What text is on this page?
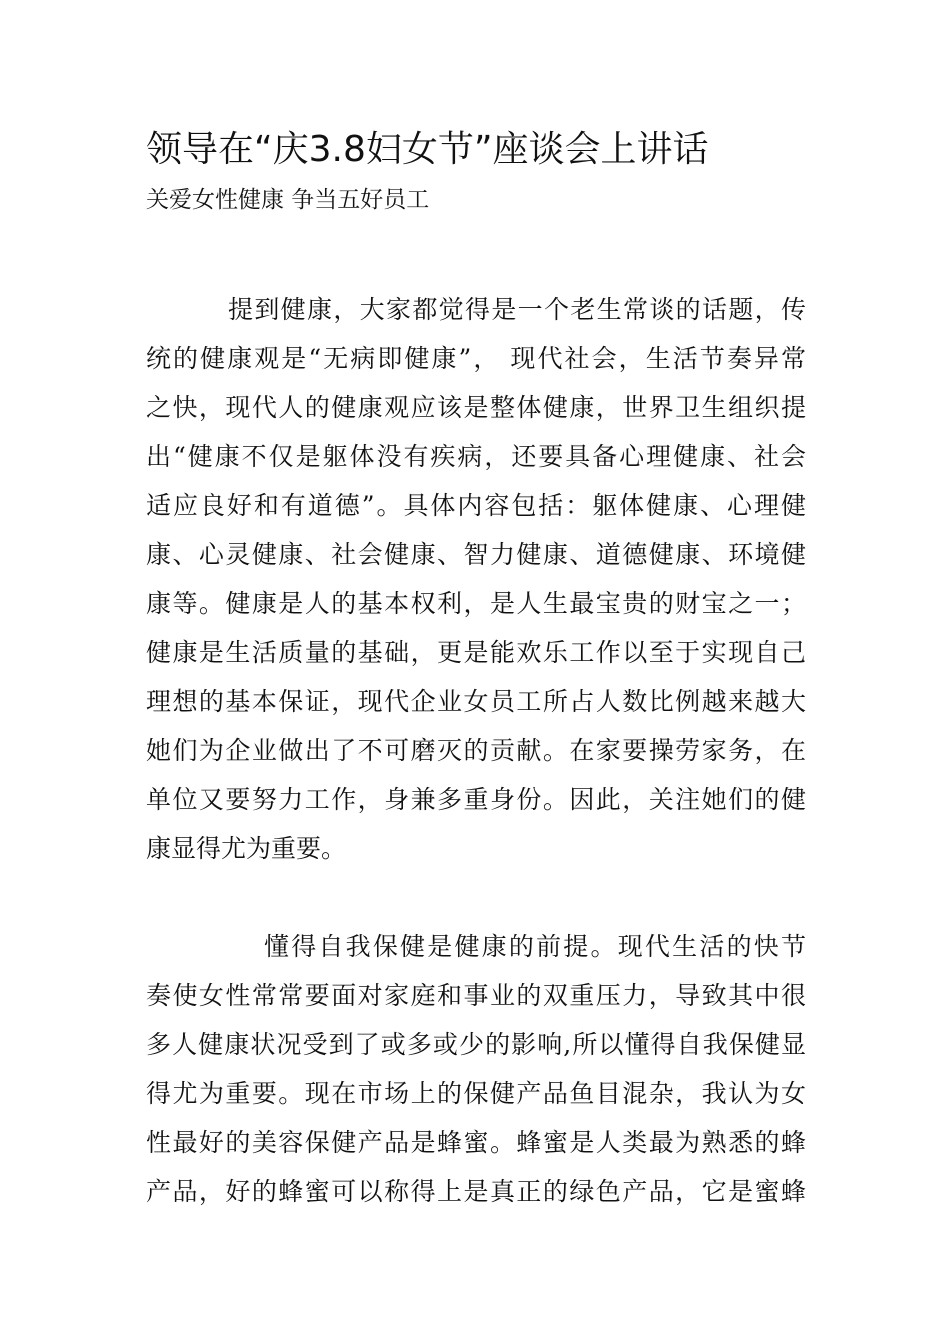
领导在“庆3.8妇女节”座谈会上讲话

关爱女性健康 争当五好员工

提到健康，大家都觉得是一个老生常谈的话题，传
统的健康观是“无病即健康”， 现代社会，生活节奏异常
之快，现代人的健康观应该是整体健康，世界卫生组织提
出“健康不仅是躯体没有疾病，还要具备心理健康、社会
适应良好和有道德”。具体内容包括：躯体健康、心理健
康、心灵健康、社会健康、智力健康、道德健康、环境健
康等。健康是人的基本权利，是人生最宝贵的财宝之一；
健康是生活质量的基础，更是能欢乐工作以至于实现自己
理想的基本保证，现代企业女员工所占人数比例越来越大
她们为企业做出了不可磨灭的贡献。在家要操劳家务，在
单位又要努力工作，身兼多重身份。因此，关注她们的健
康显得尤为重要。
懂得自我保健是健康的前提。现代生活的快节
奏使女性常常要面对家庭和事业的双重压力，导致其中很
多人健康状况受到了或多或少的影响,所以懂得自我保健显
得尤为重要。现在市场上的保健产品鱼目混杂，我认为女
性最好的美容保健产品是蜂蜜。蜂蜜是人类最为熟悉的蜂
产品，好的蜂蜜可以称得上是真正的绿色产品，它是蜜蜂
